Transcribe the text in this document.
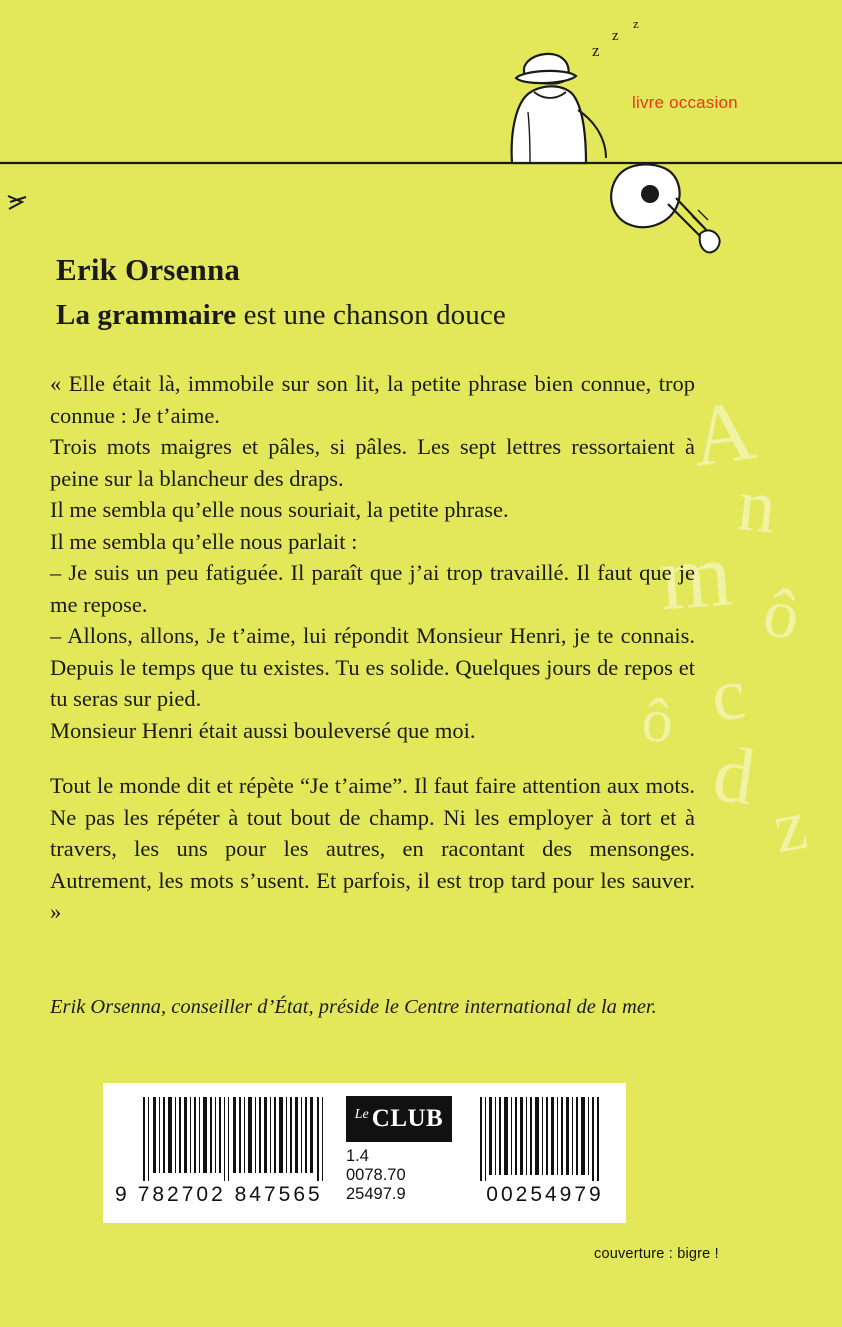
A
n
m ô
c
ô
d
z
z
z
z
livre occasion
Erik Orsenna
La grammaire est une chanson douce

« Elle était là, immobile sur son lit, la petite phrase bien connue, trop connue : Je t’aime.

Trois mots maigres et pâles, si pâles. Les sept lettres ressortaient à peine sur la blancheur des draps.

Il me sembla qu’elle nous souriait, la petite phrase.

Il me sembla qu’elle nous parlait :

– Je suis un peu fatiguée. Il paraît que j’ai trop travaillé. Il faut que je me repose.

– Allons, allons, Je t’aime, lui répondit Monsieur Henri, je te connais. Depuis le temps que tu existes. Tu es solide. Quelques jours de repos et tu seras sur pied.

Monsieur Henri était aussi bouleversé que moi.

Tout le monde dit et répète “Je t’aime”. Il faut faire attention aux mots. Ne pas les répéter à tout bout de champ. Ni les employer à tort et à travers, les uns pour les autres, en racontant des mensonges. Autrement, les mots s’usent. Et parfois, il est trop tard pour les sauver. »

Erik Orsenna, conseiller d’État, préside le Centre international de la mer.
9 782702 847565
Le CLUB
1.4
0078.70
25497.9	00254979
couverture : bigre !
